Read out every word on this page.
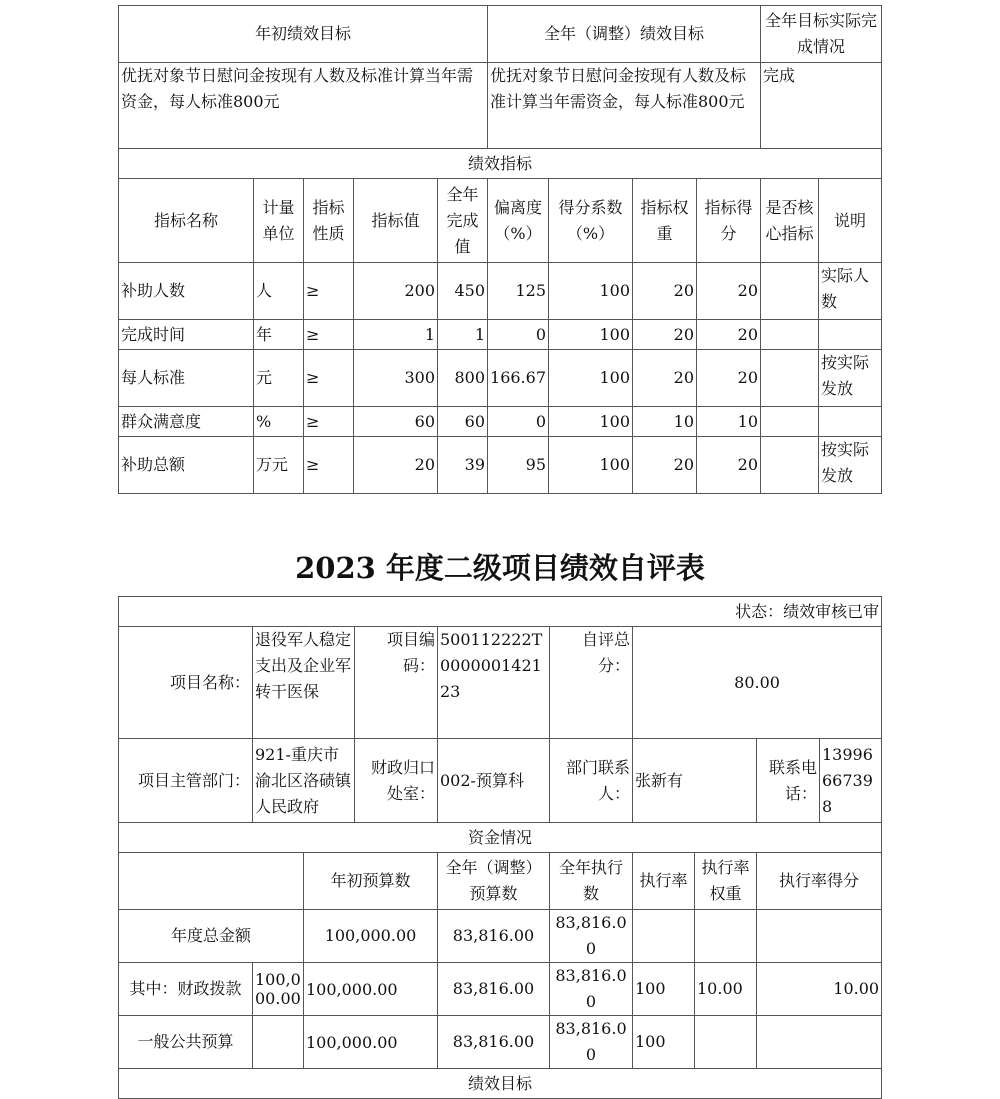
年初绩效目标					全年（调整）绩效目标				全年目标实际完成情况	
优抚对象节日慰问金按现有人数及标准计算当年需资金，每人标准800元					优抚对象节日慰问金按现有人数及标准计算当年需资金，每人标准800元				完成	
绩效指标										
指标名称	计量单位	指标性质	指标值	全年完成值	偏离度（%）	得分系数（%）	指标权重	指标得分	是否核心指标	说明
补助人数	人	≥	200	450	125	100	20	20		实际人数
完成时间	年	≥	1	1	0	100	20	20		
每人标准	元	≥	300	800	166.67	100	20	20		按实际发放
群众满意度	%	≥	60	60	0	100	10	10		
补助总额	万元	≥	20	39	95	100	20	20		按实际发放
2023 年度二级项目绩效自评表
状态：绩效审核已审									
项目名称：	退役军人稳定支出及企业军转干医保		项目编码：	500112222T000000142123	自评总分：	80.00			
项目主管部门：	921-重庆市渝北区洛碛镇人民政府		财政归口处室：	002-预算科	部门联系人：	张新有		联系电话：	13996667398
资金情况									
		年初预算数		全年（调整）预算数	全年执行数	执行率	执行率权重	执行率得分	
年度总金额		100,000.00		83,816.00	83,816.00				
其中：财政拨款	100,000.00	100,000.00		83,816.00	83,816.00	100	10.00	10.00	
一般公共预算		100,000.00		83,816.00	83,816.00	100			
绩效目标									
